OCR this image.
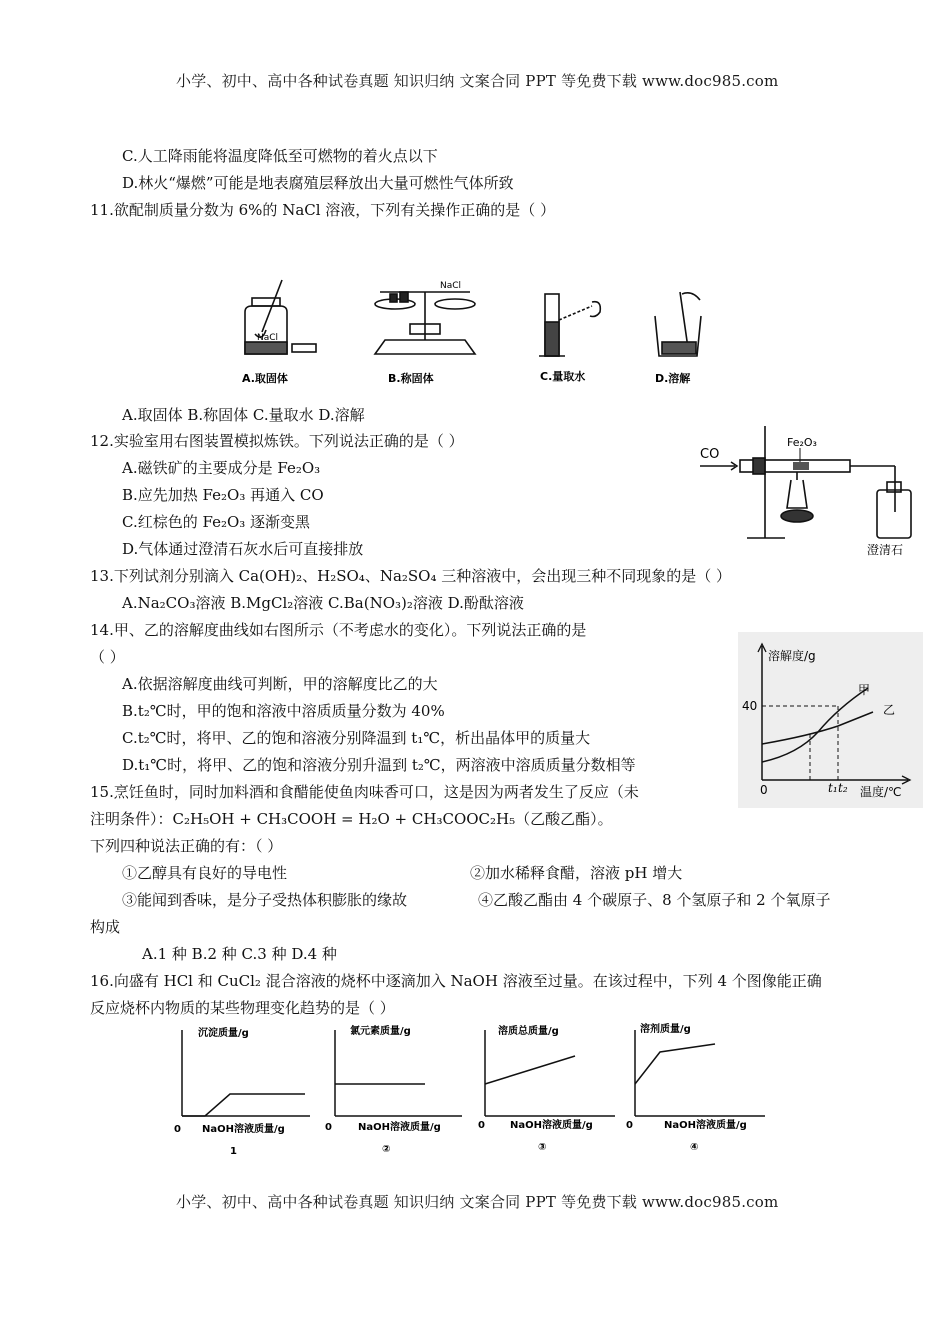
小学、初中、高中各种试卷真题 知识归纳 文案合同 PPT 等免费下载 www.doc985.com
C.人工降雨能将温度降低至可燃物的着火点以下
D.林火“爆燃”可能是地表腐殖层释放出大量可燃性气体所致
11.欲配制质量分数为 6%的 NaCl 溶液，下列有关操作正确的是（ ）
NaCl
NaCl
A.取固体	B.称固体	C.量取水	D.溶解
A.取固体 B.称固体 C.量取水 D.溶解
12.实验室用右图装置模拟炼铁。下列说法正确的是（ ）
A.磁铁矿的主要成分是 Fe₂O₃
B.应先加热 Fe₂O₃ 再通入 CO
C.红棕色的 Fe₂O₃ 逐渐变黑
D.气体通过澄清石灰水后可直接排放
CO
Fe₂O₃
澄清石
13.下列试剂分别滴入 Ca(OH)₂、H₂SO₄、Na₂SO₄ 三种溶液中，会出现三种不同现象的是（ ）
A.Na₂CO₃溶液 B.MgCl₂溶液 C.Ba(NO₃)₂溶液 D.酚酞溶液
14.甲、乙的溶解度曲线如右图所示（不考虑水的变化）。下列说法正确的是
（ ）
A.依据溶解度曲线可判断，甲的溶解度比乙的大
B.t₂℃时，甲的饱和溶液中溶质质量分数为 40%
C.t₂℃时，将甲、乙的饱和溶液分别降温到 t₁℃，析出晶体甲的质量大
D.t₁℃时，将甲、乙的饱和溶液分别升温到 t₂℃，两溶液中溶质质量分数相等
溶解度/g
温度/℃
40
0	t₁ t₂
甲
乙
15.烹饪鱼时，同时加料酒和食醋能使鱼肉味香可口，这是因为两者发生了反应（未
注明条件）：C₂H₅OH + CH₃COOH = H₂O + CH₃COOC₂H₅（乙酸乙酯）。
下列四种说法正确的有：（ ）
①乙醇具有良好的导电性	②加水稀释食醋，溶液 pH 增大
③能闻到香味，是分子受热体积膨胀的缘故	④乙酸乙酯由 4 个碳原子、8 个氢原子和 2 个氧原子
构成
A.1 种 B.2 种 C.3 种 D.4 种
16.向盛有 HCl 和 CuCl₂ 混合溶液的烧杯中逐滴加入 NaOH 溶液至过量。在该过程中，下列 4 个图像能正确
反应烧杯内物质的某些物理变化趋势的是（ ）
沉淀质量/g
0 NaOH溶液质量/g
1
氯元素质量/g
0	NaOH溶液质量/g
②
溶质总质量/g
0	NaOH溶液质量/g
③
溶剂质量/g
0	NaOH溶液质量/g
④
小学、初中、高中各种试卷真题 知识归纳 文案合同 PPT 等免费下载 www.doc985.com
